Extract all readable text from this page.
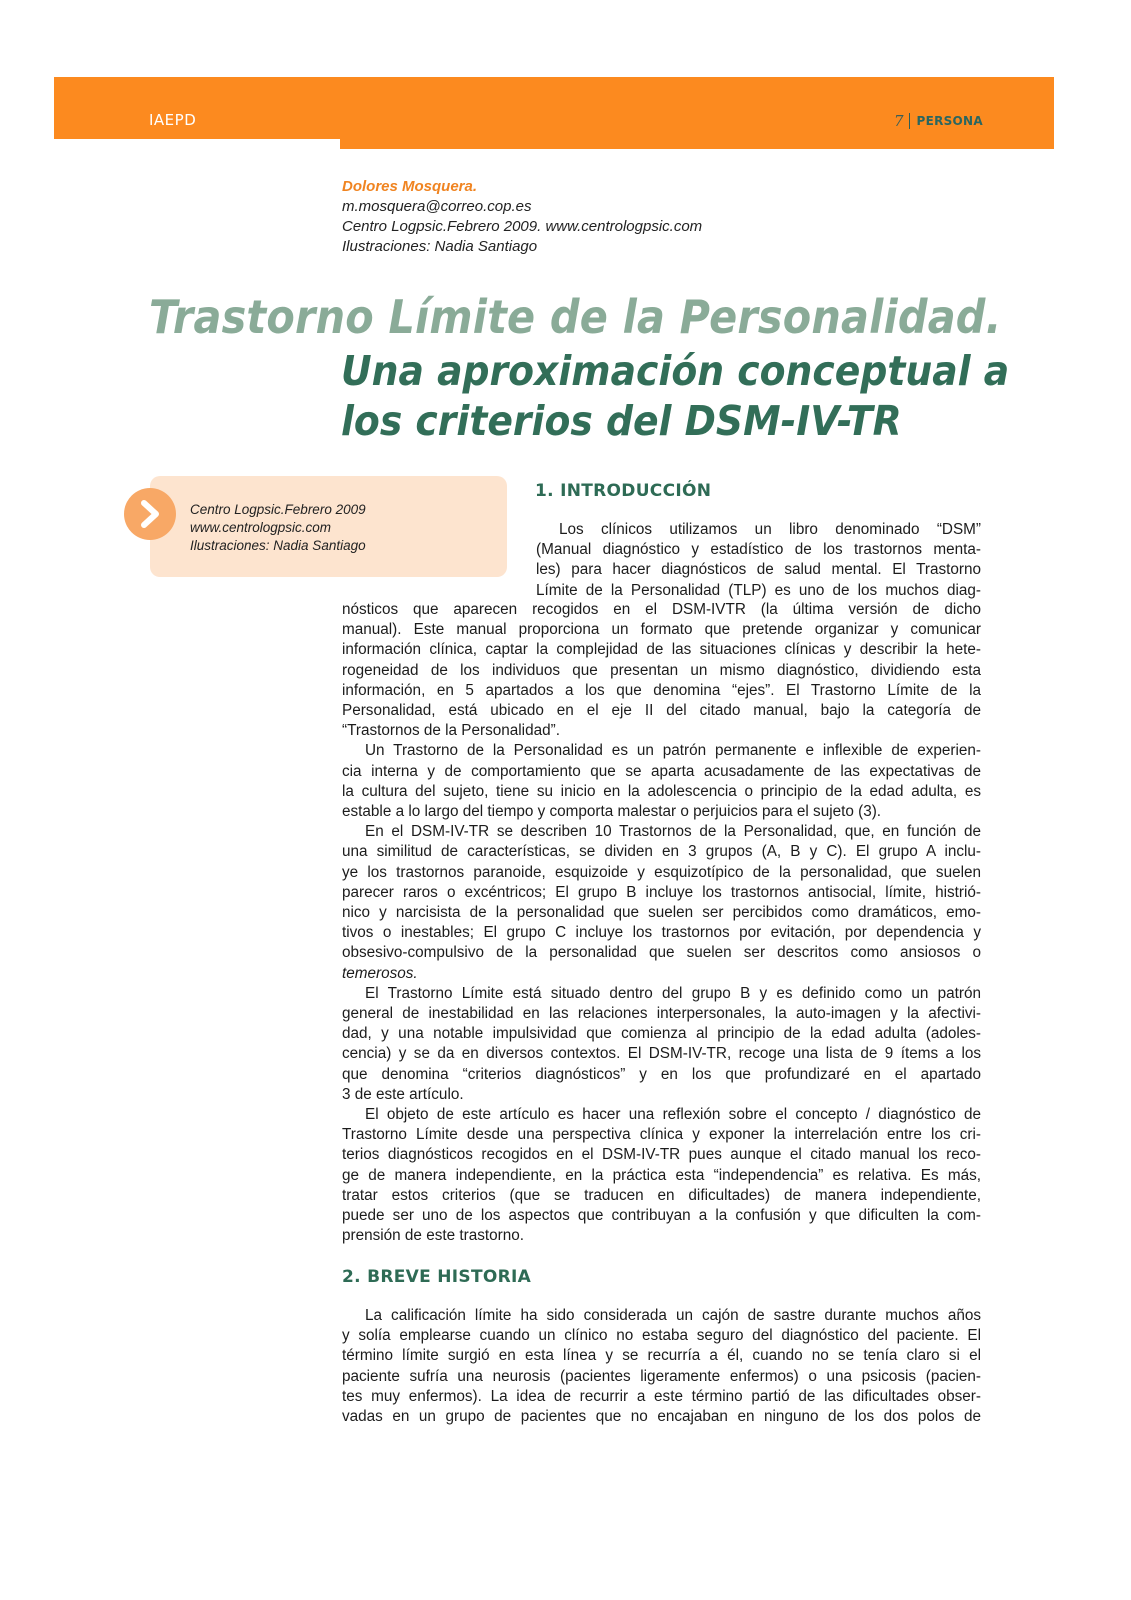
IAEPD	7 PERSONA
Dolores Mosquera.
m.mosquera@correo.cop.es
Centro Logpsic.Febrero 2009. www.centrologpsic.com
Ilustraciones: Nadia Santiago
Trastorno Límite de la Personalidad.
Una aproximación conceptual a
los criterios del DSM-IV-TR
Centro Logpsic.Febrero 2009
www.centrologpsic.com
Ilustraciones: Nadia Santiago
1. INTRODUCCIÓN
Los clínicos utilizamos un libro denominado “DSM”
(Manual diagnóstico y estadístico de los trastornos menta-
les) para hacer diagnósticos de salud mental. El Trastorno
Límite de la Personalidad (TLP) es uno de los muchos diag-
nósticos que aparecen recogidos en el DSM-IVTR (la última versión de dicho
manual). Este manual proporciona un formato que pretende organizar y comunicar
información clínica, captar la complejidad de las situaciones clínicas y describir la hete-
rogeneidad de los individuos que presentan un mismo diagnóstico, dividiendo esta
información, en 5 apartados a los que denomina “ejes”. El Trastorno Límite de la
Personalidad, está ubicado en el eje II del citado manual, bajo la categoría de
“Trastornos de la Personalidad”.
Un Trastorno de la Personalidad es un patrón permanente e inflexible de experien-
cia interna y de comportamiento que se aparta acusadamente de las expectativas de
la cultura del sujeto, tiene su inicio en la adolescencia o principio de la edad adulta, es
estable a lo largo del tiempo y comporta malestar o perjuicios para el sujeto (3).
En el DSM-IV-TR se describen 10 Trastornos de la Personalidad, que, en función de
una similitud de características, se dividen en 3 grupos (A, B y C). El grupo A inclu-
ye los trastornos paranoide, esquizoide y esquizotípico de la personalidad, que suelen
parecer raros o excéntricos; El grupo B incluye los trastornos antisocial, límite, histrió-
nico y narcisista de la personalidad que suelen ser percibidos como dramáticos, emo-
tivos o inestables; El grupo C incluye los trastornos por evitación, por dependencia y
obsesivo-compulsivo de la personalidad que suelen ser descritos como ansiosos o
temerosos.
El Trastorno Límite está situado dentro del grupo B y es definido como un patrón
general de inestabilidad en las relaciones interpersonales, la auto-imagen y la afectivi-
dad, y una notable impulsividad que comienza al principio de la edad adulta (adoles-
cencia) y se da en diversos contextos. El DSM-IV-TR, recoge una lista de 9 ítems a los
que denomina “criterios diagnósticos” y en los que profundizaré en el apartado
3 de este artículo.
El objeto de este artículo es hacer una reflexión sobre el concepto / diagnóstico de
Trastorno Límite desde una perspectiva clínica y exponer la interrelación entre los cri-
terios diagnósticos recogidos en el DSM-IV-TR pues aunque el citado manual los reco-
ge de manera independiente, en la práctica esta “independencia” es relativa. Es más,
tratar estos criterios (que se traducen en dificultades) de manera independiente,
puede ser uno de los aspectos que contribuyan a la confusión y que dificulten la com-
prensión de este trastorno.
2. BREVE HISTORIA
La calificación límite ha sido considerada un cajón de sastre durante muchos años
y solía emplearse cuando un clínico no estaba seguro del diagnóstico del paciente. El
término límite surgió en esta línea y se recurría a él, cuando no se tenía claro si el
paciente sufría una neurosis (pacientes ligeramente enfermos) o una psicosis (pacien-
tes muy enfermos). La idea de recurrir a este término partió de las dificultades obser-
vadas en un grupo de pacientes que no encajaban en ninguno de los dos polos de
